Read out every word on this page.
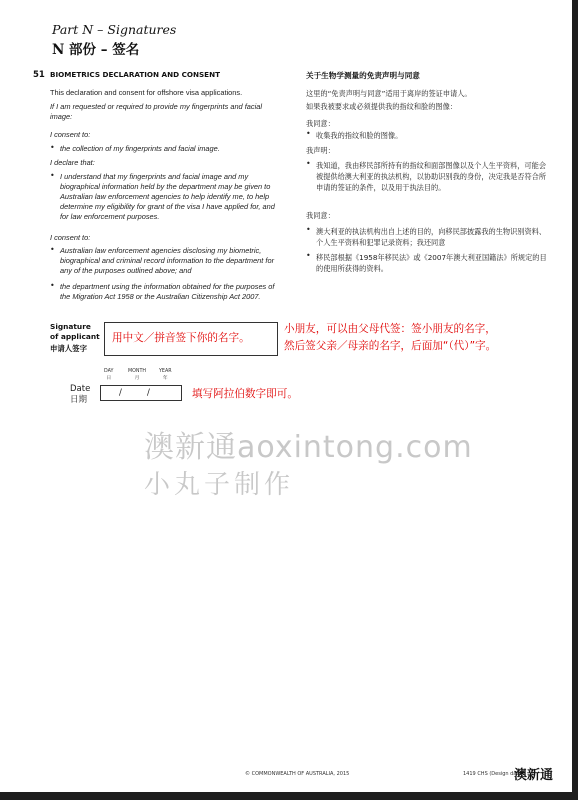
Part N – Signatures
N 部份 – 签名
51 BIOMETRICS DECLARATION AND CONSENT
This declaration and consent for offshore visa applications.
If I am requested or required to provide my fingerprints and facial image:
I consent to:
• the collection of my fingerprints and facial image.
I declare that:
• I understand that my fingerprints and facial image and my biographical information held by the department may be given to Australian law enforcement agencies to help identify me, to help determine my eligibility for grant of the visa I have applied for, and for law enforcement purposes.
I consent to:
• Australian law enforcement agencies disclosing my biometric, biographical and criminal record information to the department for any of the purposes outlined above; and
• the department using the information obtained for the purposes of the Migration Act 1958 or the Australian Citizenship Act 2007.
关于生物学测量的免责声明与同意
这里的“免责声明与同意”适用于离岸的签证申请人。
如果我被要求或必须提供我的指纹和脸的图像：
我同意：
• 收集我的指纹和脸的图像。
我声明：
• 我知道，我由移民部所持有的指纹和面部图像以及个人生平资料，可能会被提供给澳大利亚的执法机构，以协助识别我的身份，决定我是否符合所申请的签证的条件，以及用于执法目的。
我同意：
• 澳大利亚的执法机构出自上述的目的，向移民部披露我的生物识别资料、个人生平资料和犯罪记录资料；我还同意
• 移民部根据《1958年移民法》或《2007年澳大利亚国籍法》所规定的目的使用所获得的资料。
Signature of applicant
申请人签字
用中文／拼音签下你的名字。
小朋友，可以由父母代签：签小朋友的名字，
然后签父亲／母亲的名字，后面加“（代）”字。
DAY
日
MONTH
月
YEAR
年
Date
日期
/	/	填写阿拉伯数字即可。
澳新通aoxintong.com
小丸子制作
© COMMONWEALTH OF AUSTRALIA, 2015	1419 CHS (Design date
澳新通
